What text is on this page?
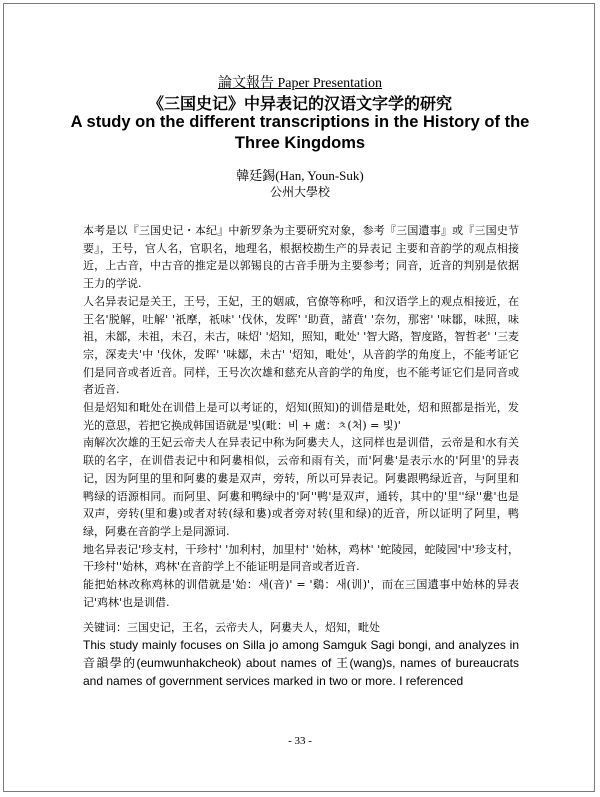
論文報告 Paper Presentation
《三国史记》中异表记的汉语文字学的研究
A study on the different transcriptions in the History of the Three Kingdoms
韓廷錫(Han, Youn-Suk)
公州大學校

本考是以『三国史记・本纪』中新罗条为主要研究对象，参考『三国遺事』或『三国史节要』，王号，官人名，官职名，地理名，根据校勘生产的异表记 主要和音韵学的观点相接近，上古音，中古音的推定是以郭锡良的古音手册为主要参考；同音，近音的判别是依据王力的学说.

人名异表记是关王，王号，王妃，王的姻戚，官僚等称呼，和汉语学上的观点相接近，在王名'脱解，吐解' '祇摩，祇味' '伐休，发晖' '助賁，諸賁' '奈勿，那密' '味鄒，味照，味祖，未鄒，未祖，未召，未古，味炤' '炤知，照知，毗处' '智大路，智度路，智哲老' '三麦宗，深麦夫'中 '伐休，发晖' '味鄒，未古' '炤知，毗处'，从音韵学的角度上，不能考证它们是同音或者近音。同样，王号次次雄和慈充从音韵学的角度，也不能考证它们是同音或者近音.

但是炤知和毗处在训借上是可以考证的，炤知(照知)的训借是毗处，炤和照都是指光，发光的意思，若把它换成韩国语就是'빛(毗：비 + 處：ㅊ(처) = 빛)'

南解次次雄的王妃云帝夫人在异表记中称为阿婁夫人，这同样也是训借，云帝是和水有关联的名字，在训借表记中和阿婁相似，云帝和雨有关，而'阿婁'是表示水的'阿里'的异表记，因为阿里的里和阿婁的婁是双声，旁转，所以可异表记。阿婁跟鸭绿近音，与阿里和鸭绿的语源相同。而阿里、阿婁和鸭绿中的'阿''鸭'是双声，通转，其中的'里''绿''婁'也是双声，旁转(里和婁)或者对转(绿和婁)或者旁对转(里和绿)的近音，所以证明了阿里，鸭绿，阿婁在音韵学上是同源词.

地名异表记'珍支村，干珍村' '加利村，加里村' '始林，鸡林' '蛇陵园，蛇陵园'中'珍支村，干珍村''始林，鸡林'在音韵学上不能证明是同音或者近音.

能把始林改称鸡林的训借就是'始：새(音)' = '鷄：새(训)'，而在三国遺事中始林的异表记'鸡林'也是训借.

关键词：三国史记，王名，云帝夫人，阿婁夫人，炤知，毗处

This study mainly focuses on Silla jo among Samguk Sagi bongi, and analyzes in 音韻學的(eumwunhakcheok) about names of 王(wang)s, names of bureaucrats and names of government services marked in two or more. I referenced

- 33 -
